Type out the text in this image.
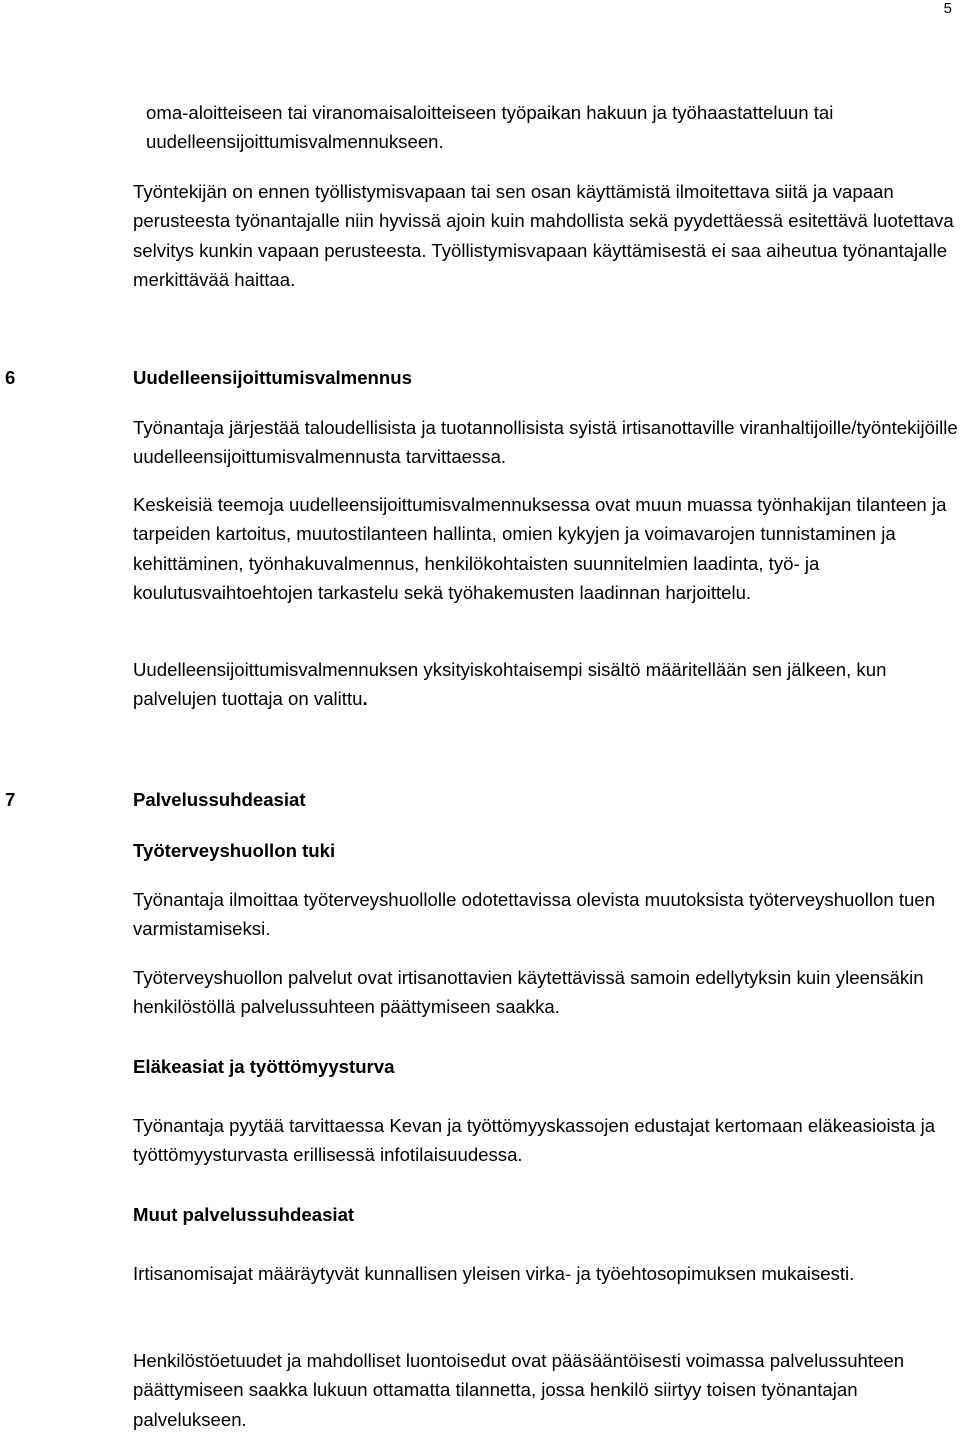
5

oma-aloitteiseen tai viranomaisaloitteiseen työpaikan hakuun ja työhaastatteluun tai uudelleensijoittumisvalmennukseen.

Työntekijän on ennen työllistymisvapaan tai sen osan käyttämistä ilmoitettava siitä ja vapaan perusteesta työnantajalle niin hyvissä ajoin kuin mahdollista sekä pyydettäessä esitettävä luotettava selvitys kunkin vapaan perusteesta. Työllistymisvapaan käyttämisestä ei saa aiheutua työnantajalle merkittävää haittaa.

6	Uudelleensijoittumisvalmennus

Työnantaja järjestää taloudellisista ja tuotannollisista syistä irtisanottaville viranhaltijoille/työntekijöille uudelleensijoittumisvalmennusta tarvittaessa.

Keskeisiä teemoja uudelleensijoittumisvalmennuksessa ovat muun muassa työnhakijan tilanteen ja tarpeiden kartoitus, muutostilanteen hallinta, omien kykyjen ja voimavarojen tunnistaminen ja kehittäminen, työnhakuvalmennus, henkilökohtaisten suunnitelmien laadinta, työ- ja koulutusvaihtoehtojen tarkastelu sekä työhakemusten laadinnan harjoittelu.

Uudelleensijoittumisvalmennuksen yksityiskohtaisempi sisältö määritellään sen jälkeen, kun palvelujen tuottaja on valittu.

7	Palvelussuhdeasiat
Työterveyshuollon tuki

Työnantaja ilmoittaa työterveyshuollolle odotettavissa olevista muutoksista työterveyshuollon tuen varmistamiseksi.

Työterveyshuollon palvelut ovat irtisanottavien käytettävissä samoin edellytyksin kuin yleensäkin henkilöstöllä palvelussuhteen päättymiseen saakka.

Eläkeasiat ja työttömyysturva

Työnantaja pyytää tarvittaessa Kevan ja työttömyyskassojen edustajat kertomaan eläkeasioista ja työttömyysturvasta erillisessä infotilaisuudessa.

Muut palvelussuhdeasiat

Irtisanomisajat määräytyvät kunnallisen yleisen virka- ja työehtosopimuksen mukaisesti.

Henkilöstöetuudet ja mahdolliset luontoisedut ovat pääsääntöisesti voimassa palvelussuhteen päättymiseen saakka lukuun ottamatta tilannetta, jossa henkilö siirtyy toisen työnantajan palvelukseen.
